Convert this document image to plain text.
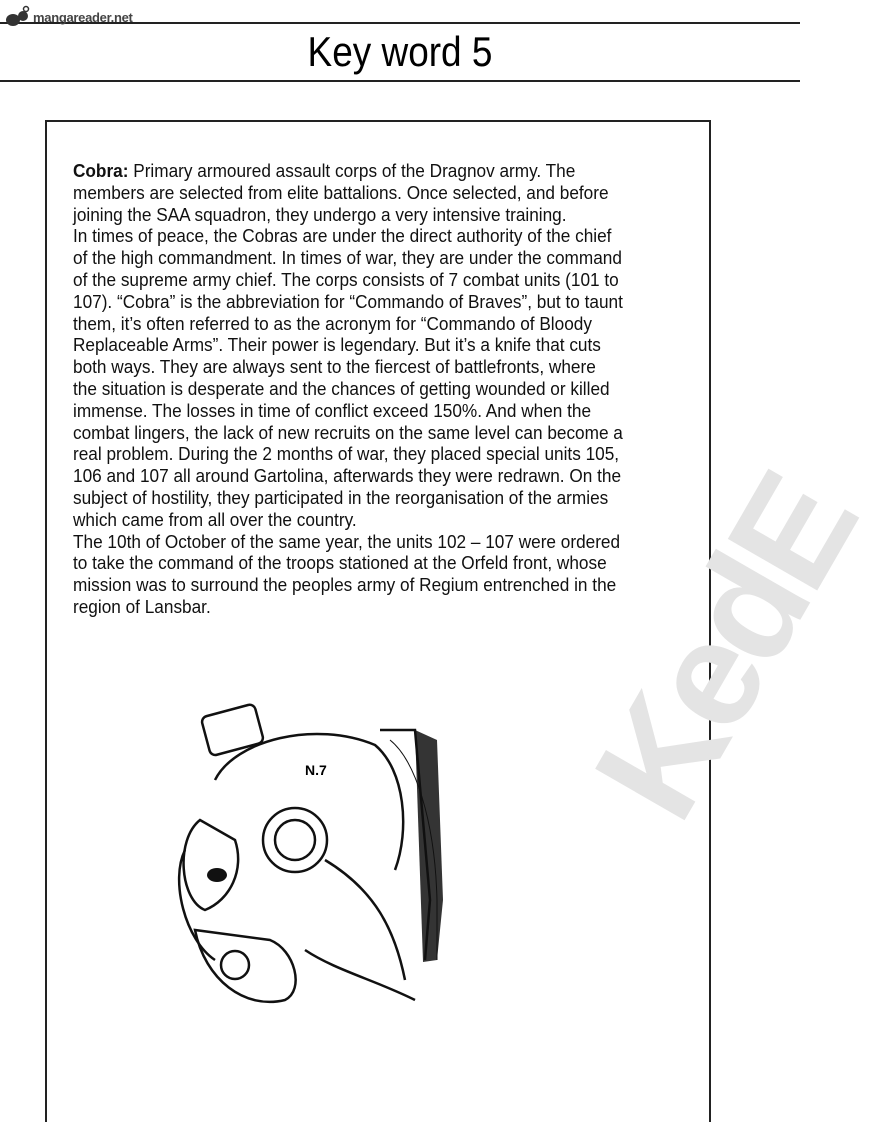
mangareader.net
Key word 5
KedE
Cobra: Primary armoured assault corps of the Dragnov army. The
members are selected from elite battalions. Once selected, and before
joining the SAA squadron, they undergo a very intensive training.
In times of peace, the Cobras are under the direct authority of the chief
of the high commandment. In times of war, they are under the command
of the supreme army chief. The corps consists of 7 combat units (101 to
107). “Cobra” is the abbreviation for “Commando of Braves”, but to taunt
them, it’s often referred to as the acronym for “Commando of Bloody
Replaceable Arms”. Their power is legendary. But it’s a knife that cuts
both ways. They are always sent to the fiercest of battlefronts, where
the situation is desperate and the chances of getting wounded or killed
immense. The losses in time of conflict exceed 150%. And when the
combat lingers, the lack of new recruits on the same level can become a
real problem. During the 2 months of war, they placed special units 105,
106 and 107 all around Gartolina, afterwards they were redrawn. On the
subject of hostility, they participated in the reorganisation of the armies
which came from all over the country.
The 10th of October of the same year, the units 102 – 107 were ordered
to take the command of the troops stationed at the Orfeld front, whose
mission was to surround the peoples army of Regium entrenched in the
region of Lansbar.
N.7
